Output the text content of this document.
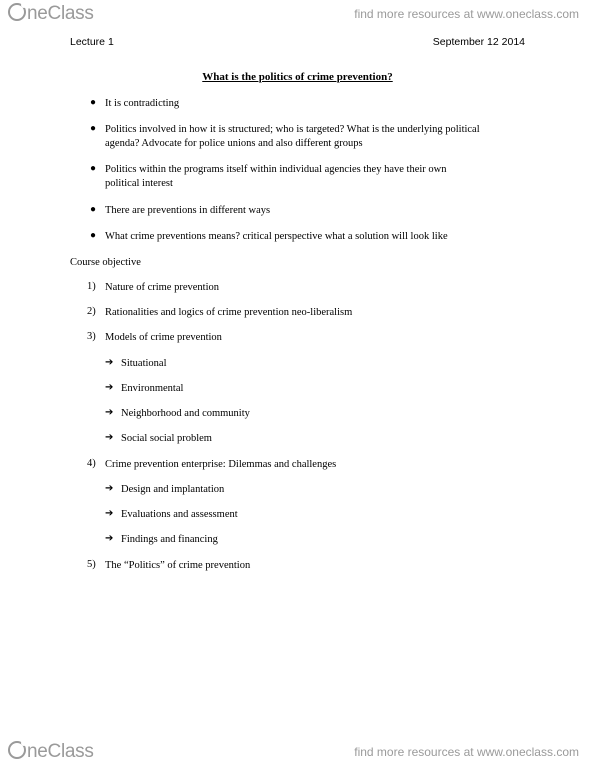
neClass	find more resources at www.oneclass.com
Lecture 1	September 12 2014
What is the politics of crime prevention?
● It is contradicting
● Politics involved in how it is structured; who is targeted? What is the underlying political
agenda? Advocate for police unions and also different groups
● Politics within the programs itself within individual agencies they have their own
political interest
● There are preventions in different ways
● What crime preventions means? critical perspective what a solution will look like
Course objective
1) Nature of crime prevention
2) Rationalities and logics of crime prevention neo-liberalism
3) Models of crime prevention
➔ Situational
➔ Environmental
➔ Neighborhood and community
➔ Social social problem
4) Crime prevention enterprise: Dilemmas and challenges
➔ Design and implantation
➔ Evaluations and assessment
➔ Findings and financing
5) The “Politics” of crime prevention
neClass	find more resources at www.oneclass.com
